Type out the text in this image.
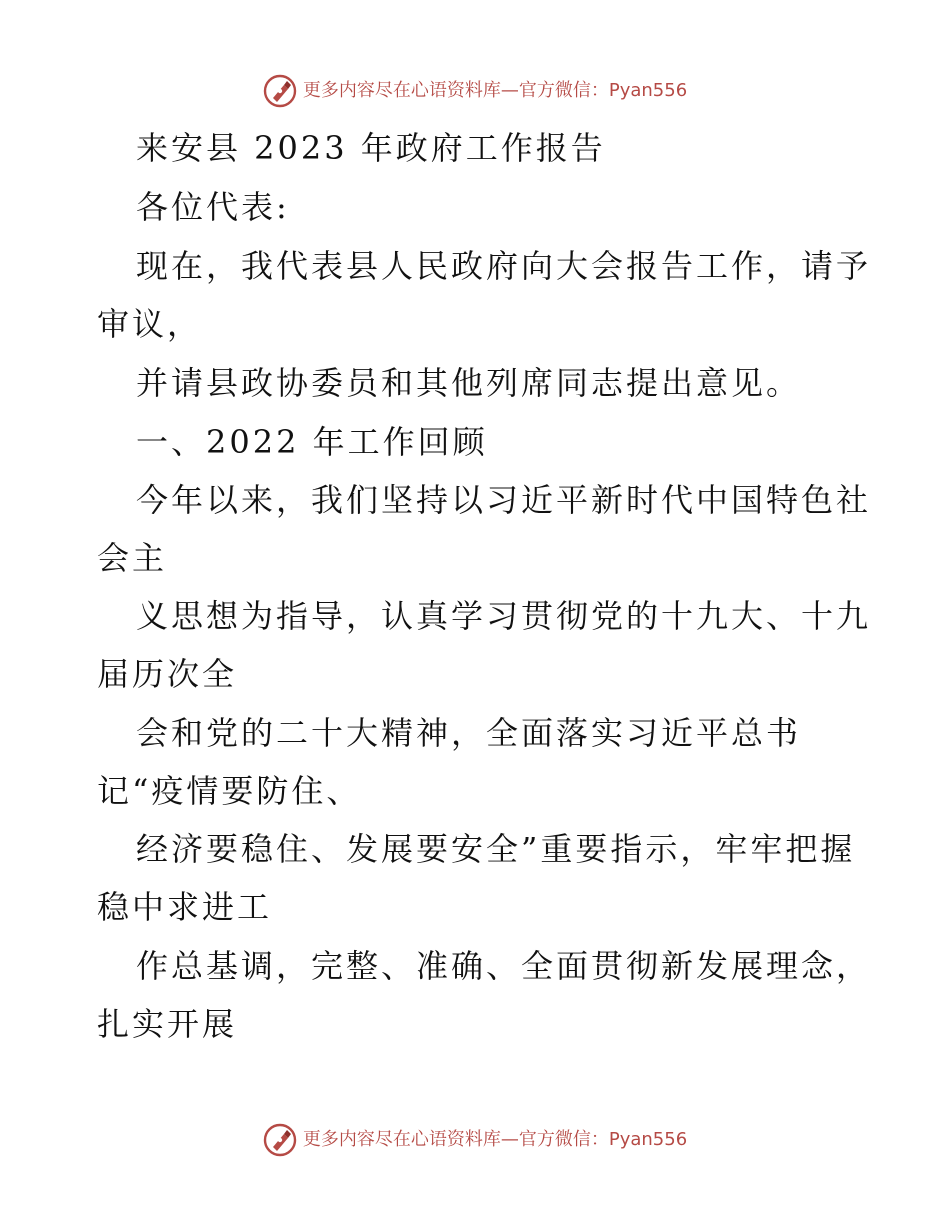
更多内容尽在心语资料库—官方微信：Pyan556
来安县 2023 年政府工作报告
各位代表:
现在，我代表县人民政府向大会报告工作，请予
审议，
并请县政协委员和其他列席同志提出意见。
一、2022 年工作回顾
今年以来，我们坚持以习近平新时代中国特色社
会主
义思想为指导，认真学习贯彻党的十九大、十九
届历次全
会和党的二十大精神，全面落实习近平总书
记“疫情要防住、
经济要稳住、发展要安全”重要指示，牢牢把握
稳中求进工
作总基调，完整、准确、全面贯彻新发展理念，
扎实开展
更多内容尽在心语资料库—官方微信：Pyan556
